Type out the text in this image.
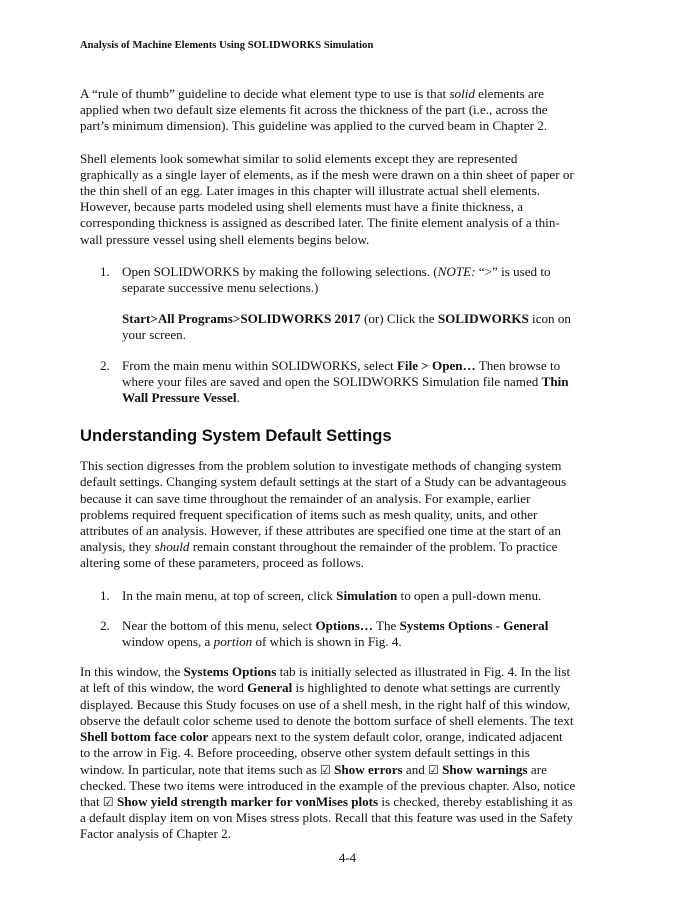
Analysis of Machine Elements Using SOLIDWORKS Simulation

A “rule of thumb” guideline to decide what element type to use is that solid elements are applied when two default size elements fit across the thickness of the part (i.e., across the part’s minimum dimension). This guideline was applied to the curved beam in Chapter 2.

Shell elements look somewhat similar to solid elements except they are represented graphically as a single layer of elements, as if the mesh were drawn on a thin sheet of paper or the thin shell of an egg. Later images in this chapter will illustrate actual shell elements. However, because parts modeled using shell elements must have a finite thickness, a corresponding thickness is assigned as described later. The finite element analysis of a thin-wall pressure vessel using shell elements begins below.

1. Open SOLIDWORKS by making the following selections. (NOTE: “>” is used to separate successive menu selections.)
Start>All Programs>SOLIDWORKS 2017 (or) Click the SOLIDWORKS icon on your screen.
2. From the main menu within SOLIDWORKS, select File > Open… Then browse to where your files are saved and open the SOLIDWORKS Simulation file named Thin Wall Pressure Vessel.
Understanding System Default Settings

This section digresses from the problem solution to investigate methods of changing system default settings. Changing system default settings at the start of a Study can be advantageous because it can save time throughout the remainder of an analysis. For example, earlier problems required frequent specification of items such as mesh quality, units, and other attributes of an analysis. However, if these attributes are specified one time at the start of an analysis, they should remain constant throughout the remainder of the problem. To practice altering some of these parameters, proceed as follows.

1. In the main menu, at top of screen, click Simulation to open a pull-down menu.
2. Near the bottom of this menu, select Options… The Systems Options - General window opens, a portion of which is shown in Fig. 4.

In this window, the Systems Options tab is initially selected as illustrated in Fig. 4. In the list at left of this window, the word General is highlighted to denote what settings are currently displayed. Because this Study focuses on use of a shell mesh, in the right half of this window, observe the default color scheme used to denote the bottom surface of shell elements. The text Shell bottom face color appears next to the system default color, orange, indicated adjacent to the arrow in Fig. 4. Before proceeding, observe other system default settings in this window. In particular, note that items such as ☑ Show errors and ☑ Show warnings are checked. These two items were introduced in the example of the previous chapter. Also, notice that ☑ Show yield strength marker for vonMises plots is checked, thereby establishing it as a default display item on von Mises stress plots. Recall that this feature was used in the Safety Factor analysis of Chapter 2.

4-4
